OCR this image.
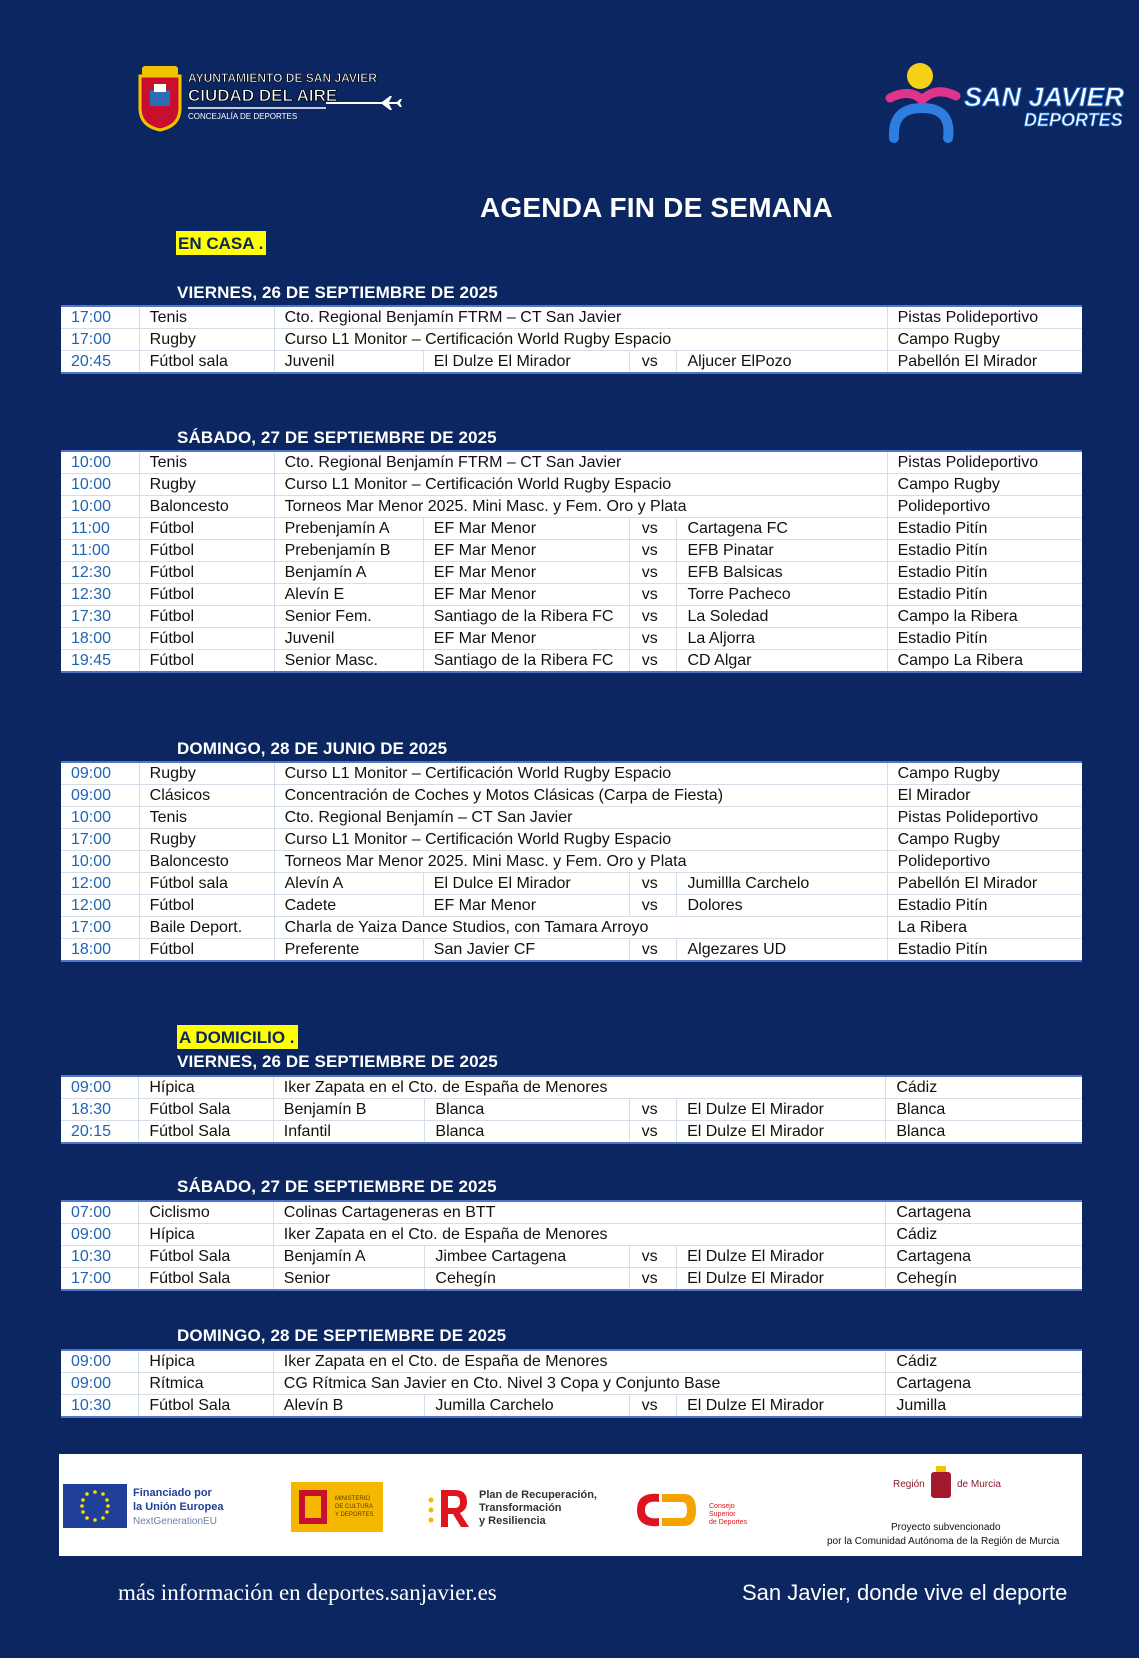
AYUNTAMIENTO DE SAN JAVIER
CIUDAD DEL AIRE
CONCEJALÍA DE DEPORTES
SAN JAVIER
DEPORTES
AGENDA FIN DE SEMANA
EN CASA .
A DOMICILIO .
VIERNES, 26 DE SEPTIEMBRE DE 2025
SÁBADO, 27 DE SEPTIEMBRE DE 2025
DOMINGO, 28 DE JUNIO DE 2025
VIERNES, 26 DE SEPTIEMBRE DE 2025
SÁBADO, 27 DE SEPTIEMBRE DE 2025
DOMINGO, 28 DE SEPTIEMBRE DE 2025
17:00	Tenis	Cto. Regional Benjamín FTRM – CT San Javier				Pistas Polideportivo
17:00	Rugby	Curso L1 Monitor – Certificación World Rugby Espacio				Campo Rugby
20:45	Fútbol sala	Juvenil	El Dulze El Mirador	vs	Aljucer ElPozo	Pabellón El Mirador
10:00	Tenis	Cto. Regional Benjamín FTRM – CT San Javier				Pistas Polideportivo
10:00	Rugby	Curso L1 Monitor – Certificación World Rugby Espacio				Campo Rugby
10:00	Baloncesto	Torneos Mar Menor 2025. Mini Masc. y Fem. Oro y Plata				Polideportivo
11:00	Fútbol	Prebenjamín A	EF Mar Menor	vs	Cartagena FC	Estadio Pitín
11:00	Fútbol	Prebenjamín B	EF Mar Menor	vs	EFB Pinatar	Estadio Pitín
12:30	Fútbol	Benjamín A	EF Mar Menor	vs	EFB Balsicas	Estadio Pitín
12:30	Fútbol	Alevín E	EF Mar Menor	vs	Torre Pacheco	Estadio Pitín
17:30	Fútbol	Senior Fem.	Santiago de la Ribera FC	vs	La Soledad	Campo la Ribera
18:00	Fútbol	Juvenil	EF Mar Menor	vs	La Aljorra	Estadio Pitín
19:45	Fútbol	Senior Masc.	Santiago de la Ribera FC	vs	CD Algar	Campo La Ribera
09:00	Rugby	Curso L1 Monitor – Certificación World Rugby Espacio				Campo Rugby
09:00	Clásicos	Concentración de Coches y Motos Clásicas (Carpa de Fiesta)				El Mirador
10:00	Tenis	Cto. Regional Benjamín – CT San Javier				Pistas Polideportivo
17:00	Rugby	Curso L1 Monitor – Certificación World Rugby Espacio				Campo Rugby
10:00	Baloncesto	Torneos Mar Menor 2025. Mini Masc. y Fem. Oro y Plata				Polideportivo
12:00	Fútbol sala	Alevín A	El Dulce El Mirador	vs	Jumillla Carchelo	Pabellón El Mirador
12:00	Fútbol	Cadete	EF Mar Menor	vs	Dolores	Estadio Pitín
17:00	Baile Deport.	Charla de Yaiza Dance Studios, con Tamara Arroyo				La Ribera
18:00	Fútbol	Preferente	San Javier CF	vs	Algezares UD	Estadio Pitín
09:00	Hípica	Iker Zapata en el Cto. de España de Menores				Cádiz
18:30	Fútbol Sala	Benjamín B	Blanca	vs	El Dulze El Mirador	Blanca
20:15	Fútbol Sala	Infantil	Blanca	vs	El Dulze El Mirador	Blanca
07:00	Ciclismo	Colinas Cartageneras en BTT				Cartagena
09:00	Hípica	Iker Zapata en el Cto. de España de Menores				Cádiz
10:30	Fútbol Sala	Benjamín A	Jimbee Cartagena	vs	El Dulze El Mirador	Cartagena
17:00	Fútbol Sala	Senior	Cehegín	vs	El Dulze El Mirador	Cehegín
09:00	Hípica	Iker Zapata en el Cto. de España de Menores				Cádiz
09:00	Rítmica	CG Rítmica San Javier en Cto. Nivel 3 Copa y Conjunto Base				Cartagena
10:30	Fútbol Sala	Alevín B	Jumilla Carchelo	vs	El Dulze El Mirador	Jumilla
Financiado por
la Unión Europea
NextGenerationEU
MINISTERIO
DE CULTURA
Y DEPORTES
Plan de Recuperación,
Transformación
y Resiliencia
Consejo
Superior
de Deportes
Región	de Murcia
Proyecto subvencionado
por la Comunidad Autónoma de la Región de Murcia
más información en deportes.sanjavier.es	San Javier, donde vive el deporte
